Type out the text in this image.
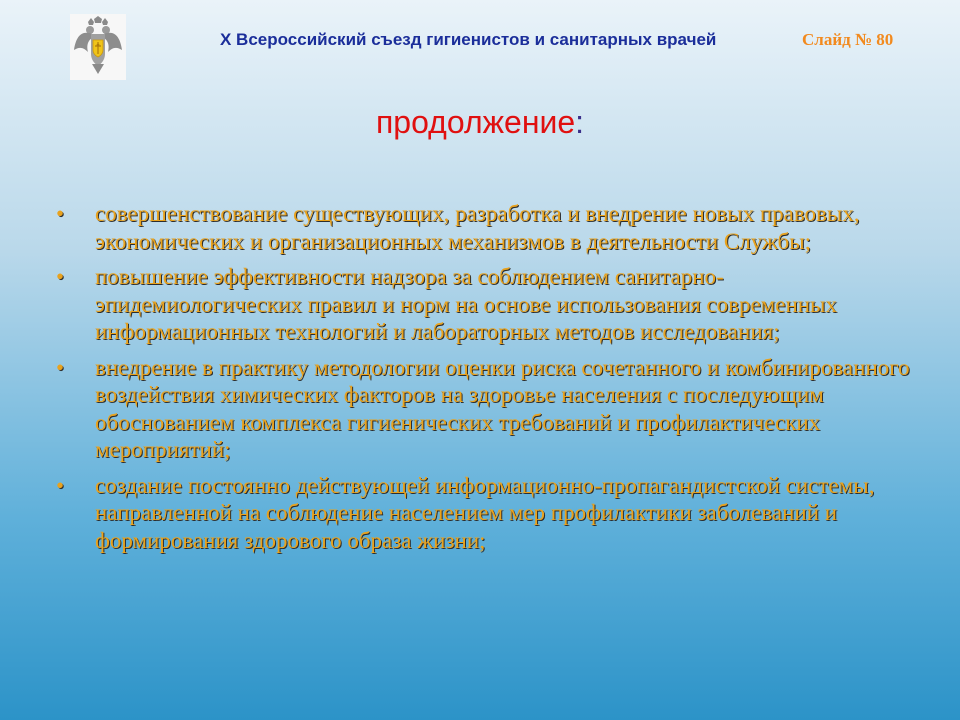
Х Всероссийский съезд гигиенистов и санитарных врачей	Слайд № 80
продолжение:
• совершенствование существующих, разработка и внедрение новых правовых, экономических и организационных механизмов в деятельности Службы;
• повышение эффективности надзора за соблюдением санитарно-эпидемиологических правил и норм на основе использования современных информационных технологий и лабораторных методов исследования;
• внедрение в практику методологии оценки риска сочетанного и комбинированного воздействия химических факторов на здоровье населения с последующим обоснованием комплекса гигиенических требований и профилактических мероприятий;
• создание постоянно действующей информационно-пропагандистской системы, направленной на соблюдение населением мер профилактики заболеваний и формирования здорового образа жизни;
